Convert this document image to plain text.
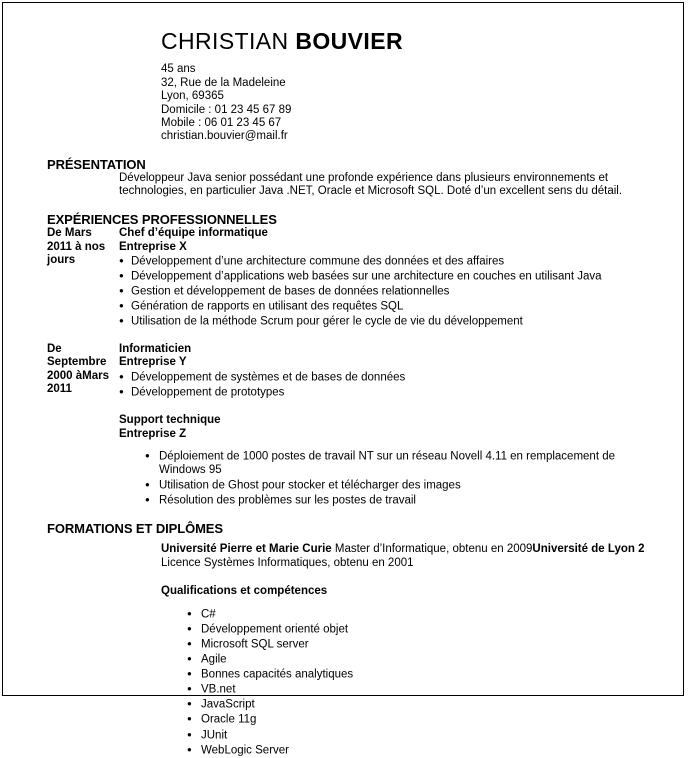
CHRISTIAN BOUVIER
45 ans
32, Rue de la Madeleine
Lyon, 69365
Domicile : 01 23 45 67 89
Mobile : 06 01 23 45 67
christian.bouvier@mail.fr
PRÉSENTATION
Développeur Java senior possédant une profonde expérience dans plusieurs environnements et technologies, en particulier Java .NET, Oracle et Microsoft SQL. Doté d’un excellent sens du détail.
EXPÉRIENCES PROFESSIONNELLES
De Mars 2011 à nos jours
Chef d’équipe informatique
Entreprise X
● Développement d’une architecture commune des données et des affaires
● Développement d’applications web basées sur une architecture en couches en utilisant Java
● Gestion et développement de bases de données relationnelles
● Génération de rapports en utilisant des requêtes SQL
● Utilisation de la méthode Scrum pour gérer le cycle de vie du développement
De Septembre 2000 àMars 2011
Informaticien
Entreprise Y
● Développement de systèmes et de bases de données
● Développement de prototypes
Support technique
Entreprise Z
● Déploiement de 1000 postes de travail NT sur un réseau Novell 4.11 en remplacement de Windows 95
● Utilisation de Ghost pour stocker et télécharger des images
● Résolution des problèmes sur les postes de travail
FORMATIONS ET DIPLÔMES
Université Pierre et Marie Curie Master d’Informatique, obtenu en 2009Université de Lyon 2 Licence Systèmes Informatiques, obtenu en 2001
Qualifications et compétences
● C#
● Développement orienté objet
● Microsoft SQL server
● Agile
● Bonnes capacités analytiques
● VB.net
● JavaScript
● Oracle 11g
● JUnit
● WebLogic Server
